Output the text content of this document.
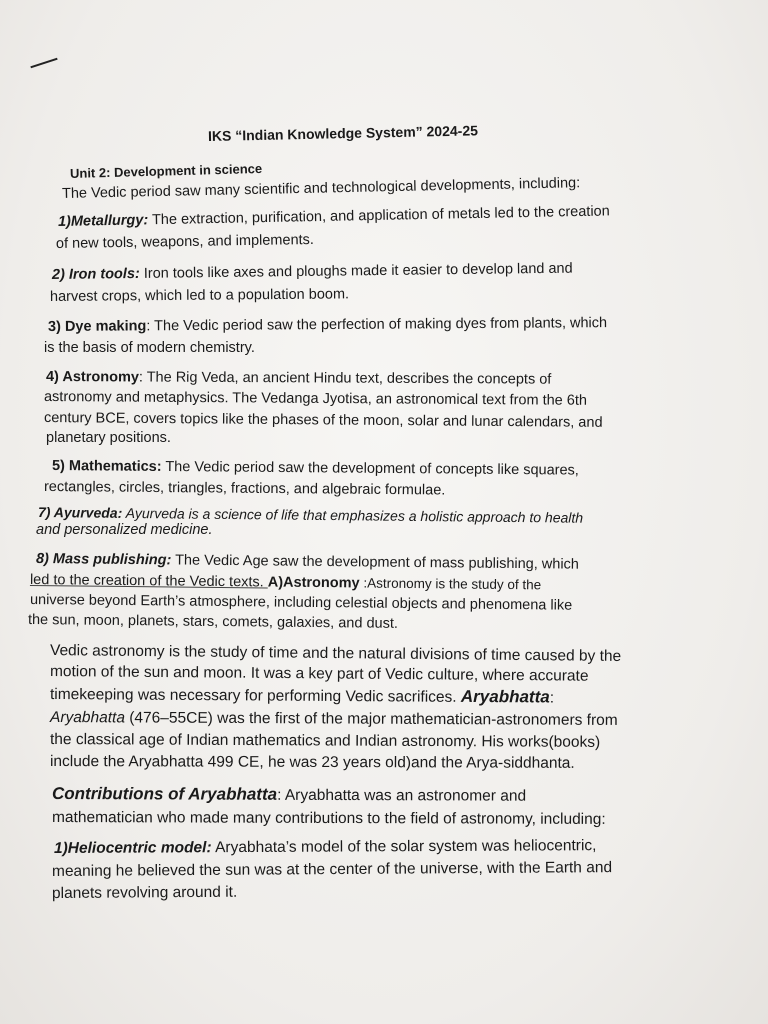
IKS “Indian Knowledge System” 2024-25

Unit 2: Development in science

The Vedic period saw many scientific and technological developments, including:

1)Metallurgy: The extraction, purification, and application of metals led to the creation

of new tools, weapons, and implements.

2) Iron tools: Iron tools like axes and ploughs made it easier to develop land and

harvest crops, which led to a population boom.

3) Dye making: The Vedic period saw the perfection of making dyes from plants, which

is the basis of modern chemistry.

4) Astronomy: The Rig Veda, an ancient Hindu text, describes the concepts of

astronomy and metaphysics. The Vedanga Jyotisa, an astronomical text from the 6th

century BCE, covers topics like the phases of the moon, solar and lunar calendars, and

planetary positions.

5) Mathematics: The Vedic period saw the development of concepts like squares,

rectangles, circles, triangles, fractions, and algebraic formulae.

7) Ayurveda: Ayurveda is a science of life that emphasizes a holistic approach to health

and personalized medicine.

8) Mass publishing: The Vedic Age saw the development of mass publishing, which

led to the creation of the Vedic texts. A)Astronomy :Astronomy is the study of the

universe beyond Earth’s atmosphere, including celestial objects and phenomena like

the sun, moon, planets, stars, comets, galaxies, and dust.

Vedic astronomy is the study of time and the natural divisions of time caused by the

motion of the sun and moon. It was a key part of Vedic culture, where accurate

timekeeping was necessary for performing Vedic sacrifices. Aryabhatta:

Aryabhatta (476–55CE) was the first of the major mathematician-astronomers from

the classical age of Indian mathematics and Indian astronomy. His works(books)

include the Aryabhatta 499 CE, he was 23 years old)and the Arya-siddhanta.

Contributions of Aryabhatta: Aryabhatta was an astronomer and

mathematician who made many contributions to the field of astronomy, including:

1)Heliocentric model: Aryabhata’s model of the solar system was heliocentric,

meaning he believed the sun was at the center of the universe, with the Earth and

planets revolving around it.
